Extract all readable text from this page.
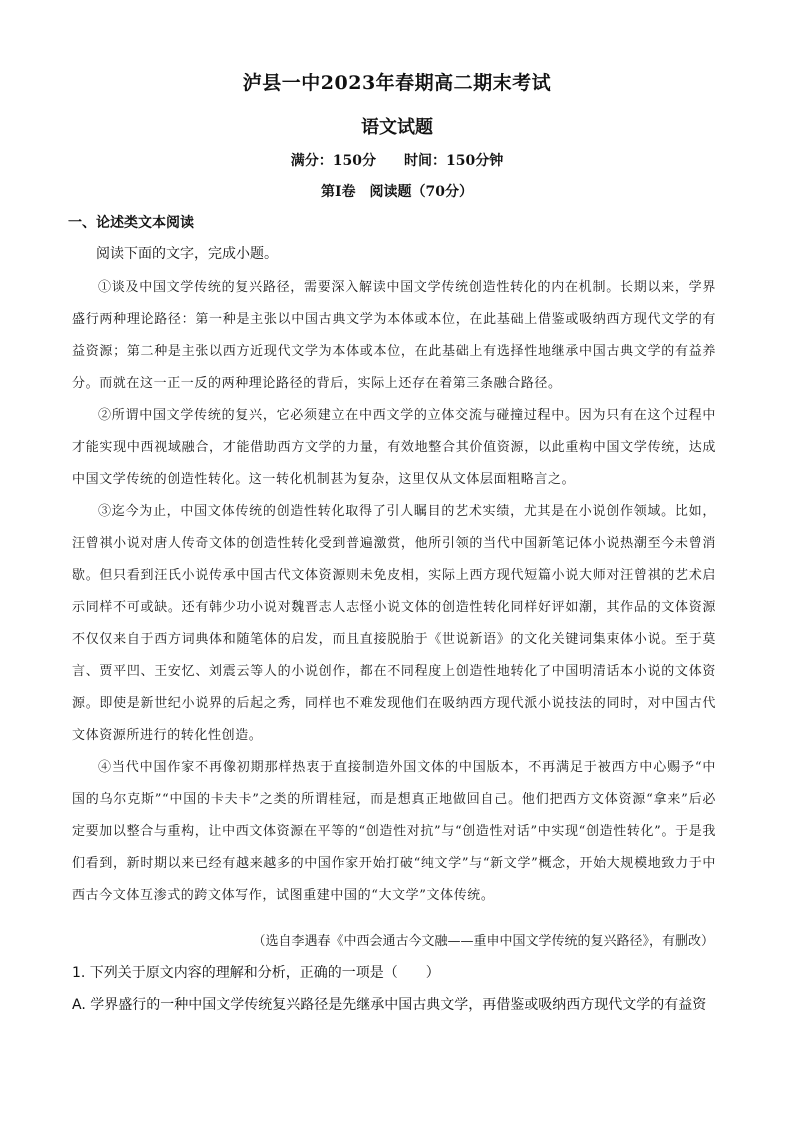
泸县一中2023年春期高二期末考试
语文试题
满分：150分 时间：150分钟
第Ⅰ卷　阅读题（70分）
一、论述类文本阅读
阅读下面的文字，完成小题。

①谈及中国文学传统的复兴路径，需要深入解读中国文学传统创造性转化的内在机制。长期以来，学界盛行两种理论路径：第一种是主张以中国古典文学为本体或本位，在此基础上借鉴或吸纳西方现代文学的有益资源；第二种是主张以西方近现代文学为本体或本位，在此基础上有选择性地继承中国古典文学的有益养分。而就在这一正一反的两种理论路径的背后，实际上还存在着第三条融合路径。

②所谓中国文学传统的复兴，它必须建立在中西文学的立体交流与碰撞过程中。因为只有在这个过程中才能实现中西视域融合，才能借助西方文学的力量，有效地整合其价值资源，以此重构中国文学传统，达成中国文学传统的创造性转化。这一转化机制甚为复杂，这里仅从文体层面粗略言之。

③迄今为止，中国文体传统的创造性转化取得了引人瞩目的艺术实绩，尤其是在小说创作领域。比如，汪曾祺小说对唐人传奇文体的创造性转化受到普遍激赏，他所引领的当代中国新笔记体小说热潮至今未曾消歇。但只看到汪氏小说传承中国古代文体资源则未免皮相，实际上西方现代短篇小说大师对汪曾祺的艺术启示同样不可或缺。还有韩少功小说对魏晋志人志怪小说文体的创造性转化同样好评如潮，其作品的文体资源不仅仅来自于西方词典体和随笔体的启发，而且直接脱胎于《世说新语》的文化关键词集束体小说。至于莫言、贾平凹、王安忆、刘震云等人的小说创作，都在不同程度上创造性地转化了中国明清话本小说的文体资源。即使是新世纪小说界的后起之秀，同样也不难发现他们在吸纳西方现代派小说技法的同时，对中国古代文体资源所进行的转化性创造。

④当代中国作家不再像初期那样热衷于直接制造外国文体的中国版本，不再满足于被西方中心赐予“中国的乌尔克斯”“中国的卡夫卡”之类的所谓桂冠，而是想真正地做回自己。他们把西方文体资源“拿来”后必定要加以整合与重构，让中西文体资源在平等的“创造性对抗”与“创造性对话”中实现“创造性转化”。于是我们看到，新时期以来已经有越来越多的中国作家开始打破“纯文学”与“新文学”概念，开始大规模地致力于中西古今文体互渗式的跨文体写作，试图重建中国的“大文学”文体传统。

（选自李遇春《中西会通古今文融——重申中国文学传统的复兴路径》，有删改）
1. 下列关于原文内容的理解和分析，正确的一项是（　　）
A. 学界盛行的一种中国文学传统复兴路径是先继承中国古典文学，再借鉴或吸纳西方现代文学的有益资
